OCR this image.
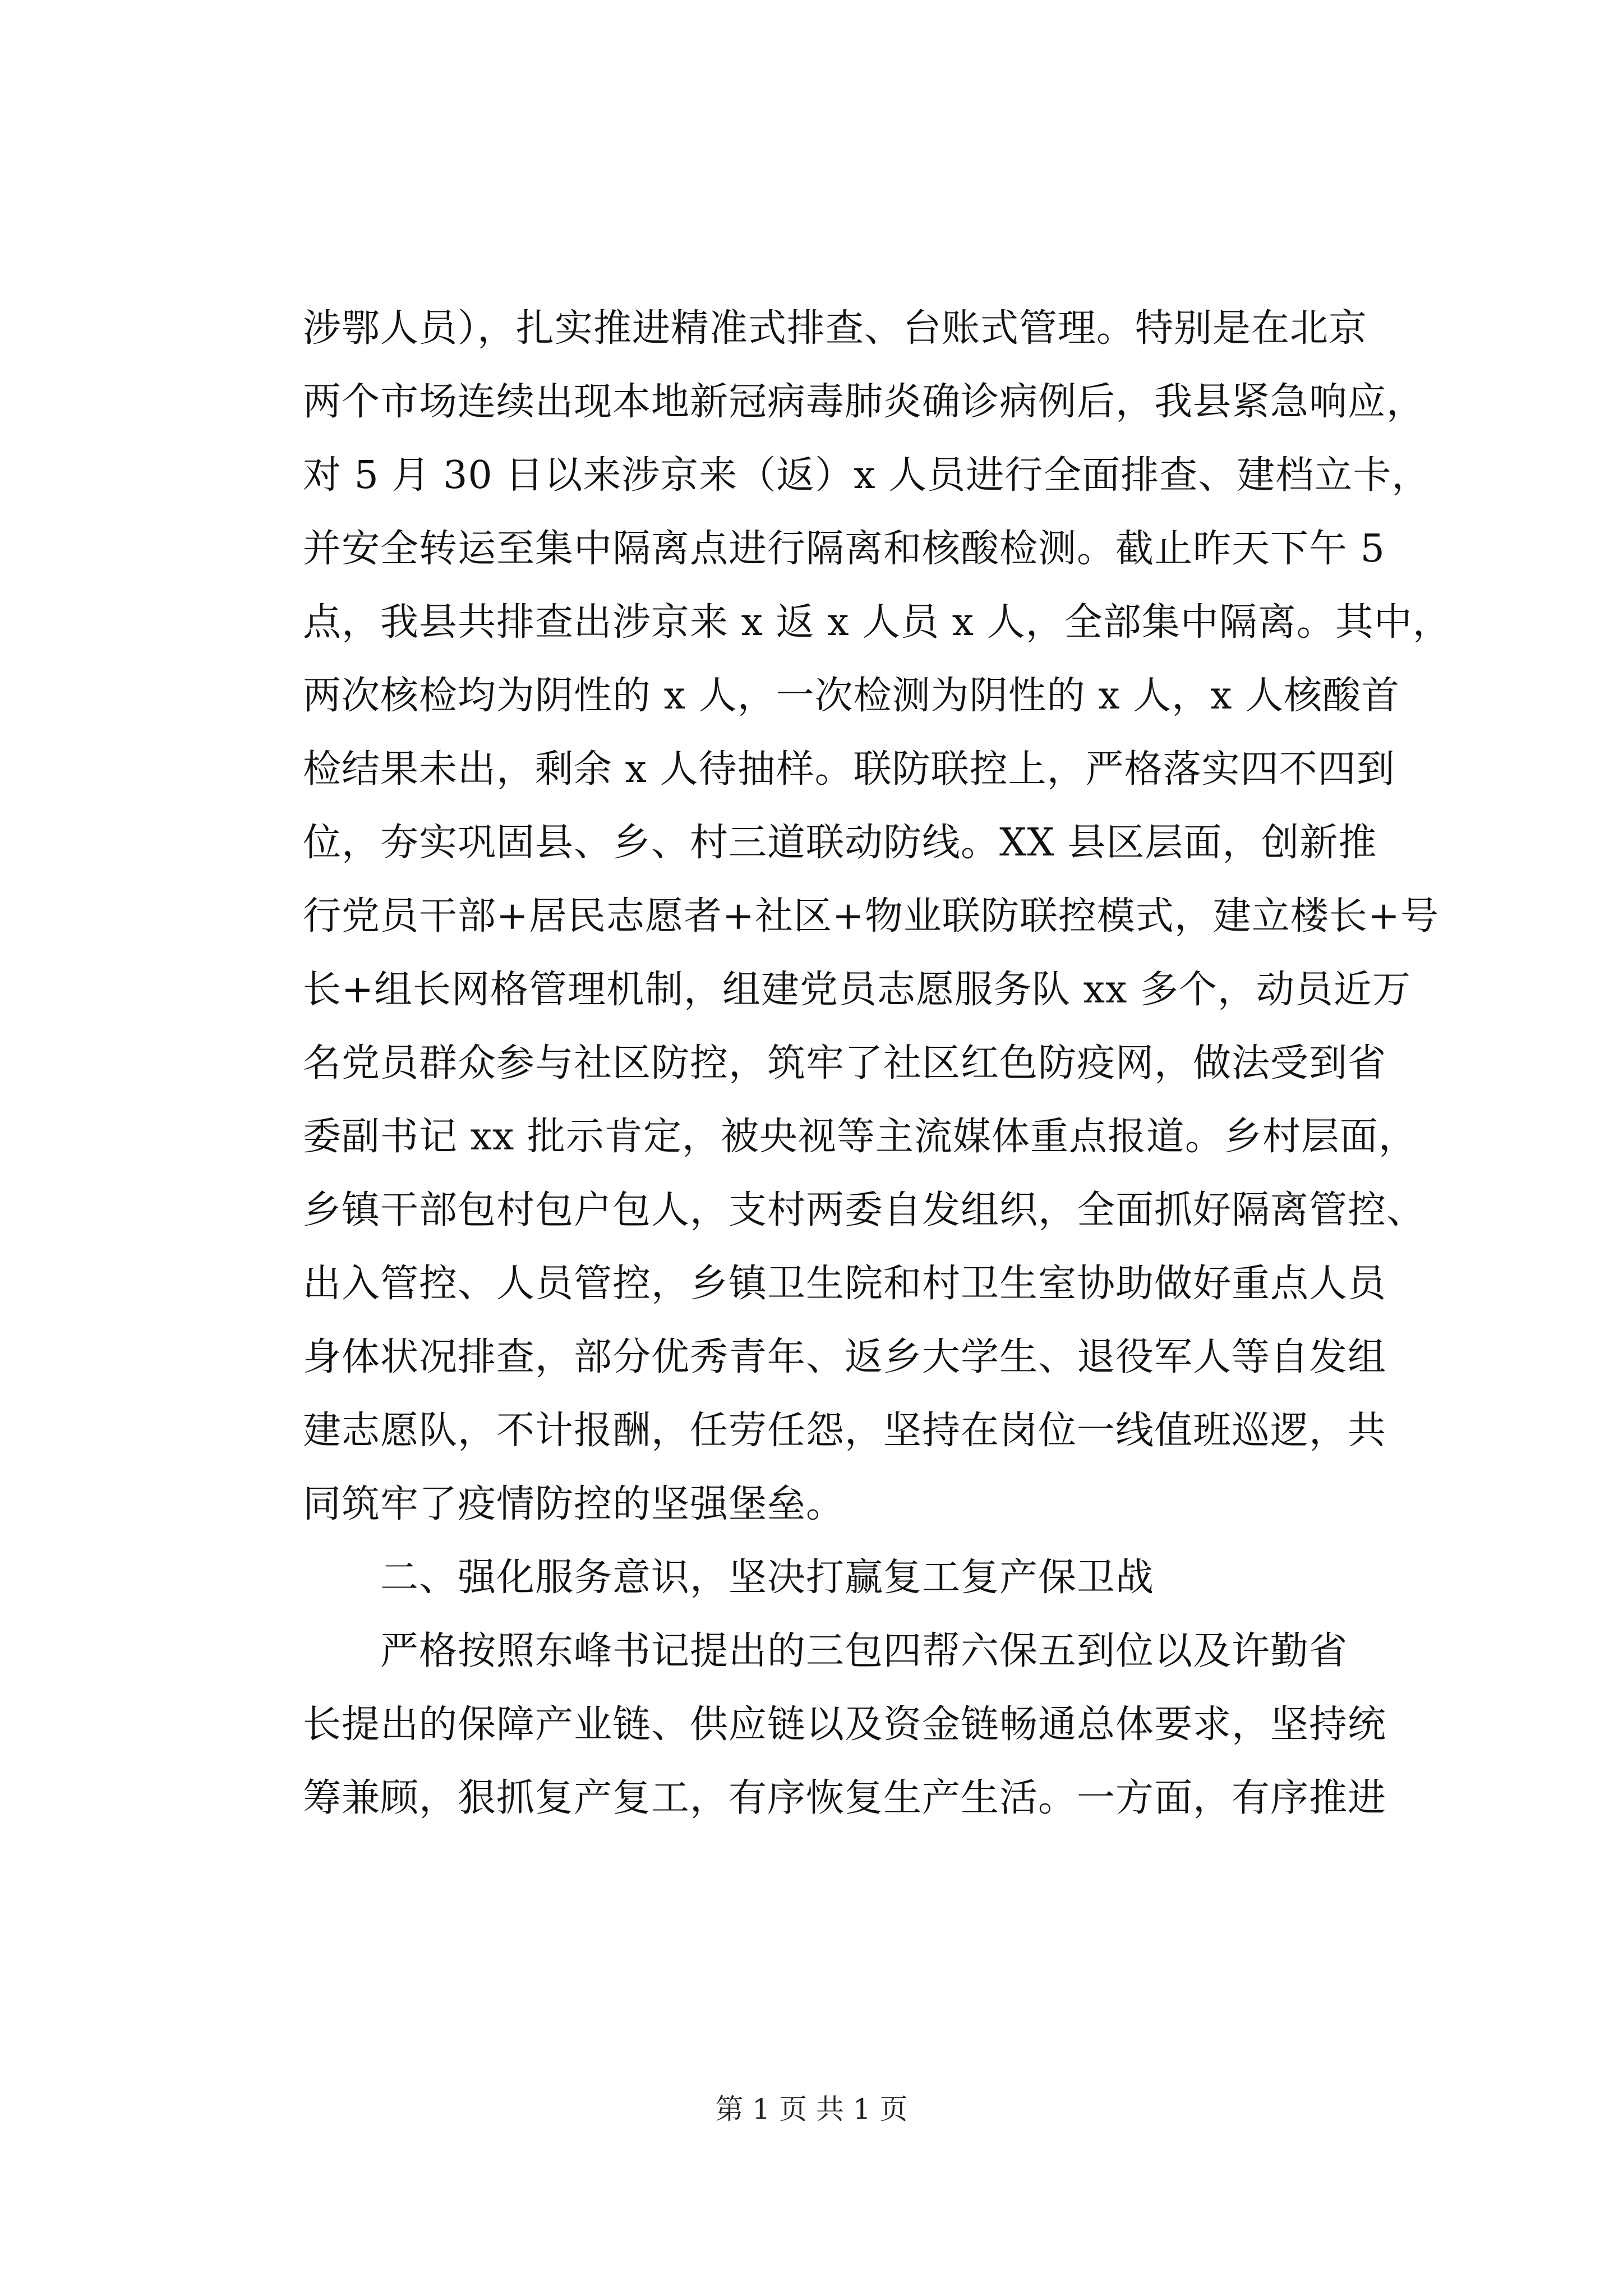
涉鄂人员），扎实推进精准式排查、台账式管理。特别是在北京
两个市场连续出现本地新冠病毒肺炎确诊病例后，我县紧急响应，
对 5 月 30 日以来涉京来（返）x 人员进行全面排查、建档立卡，
并安全转运至集中隔离点进行隔离和核酸检测。截止昨天下午 5
点，我县共排查出涉京来 x 返 x 人员 x 人，全部集中隔离。其中，
两次核检均为阴性的 x 人，一次检测为阴性的 x 人，x 人核酸首
检结果未出，剩余 x 人待抽样。联防联控上，严格落实四不四到
位，夯实巩固县、乡、村三道联动防线。XX 县区层面，创新推
行党员干部+居民志愿者+社区+物业联防联控模式，建立楼长+号
长+组长网格管理机制，组建党员志愿服务队 xx 多个，动员近万
名党员群众参与社区防控，筑牢了社区红色防疫网，做法受到省
委副书记 xx 批示肯定，被央视等主流媒体重点报道。乡村层面，
乡镇干部包村包户包人，支村两委自发组织，全面抓好隔离管控、
出入管控、人员管控，乡镇卫生院和村卫生室协助做好重点人员
身体状况排查，部分优秀青年、返乡大学生、退役军人等自发组
建志愿队，不计报酬，任劳任怨，坚持在岗位一线值班巡逻，共
同筑牢了疫情防控的坚强堡垒。
　　二、强化服务意识，坚决打赢复工复产保卫战
　　严格按照东峰书记提出的三包四帮六保五到位以及许勤省
长提出的保障产业链、供应链以及资金链畅通总体要求，坚持统
筹兼顾，狠抓复产复工，有序恢复生产生活。一方面，有序推进
第 1 页 共 1 页
